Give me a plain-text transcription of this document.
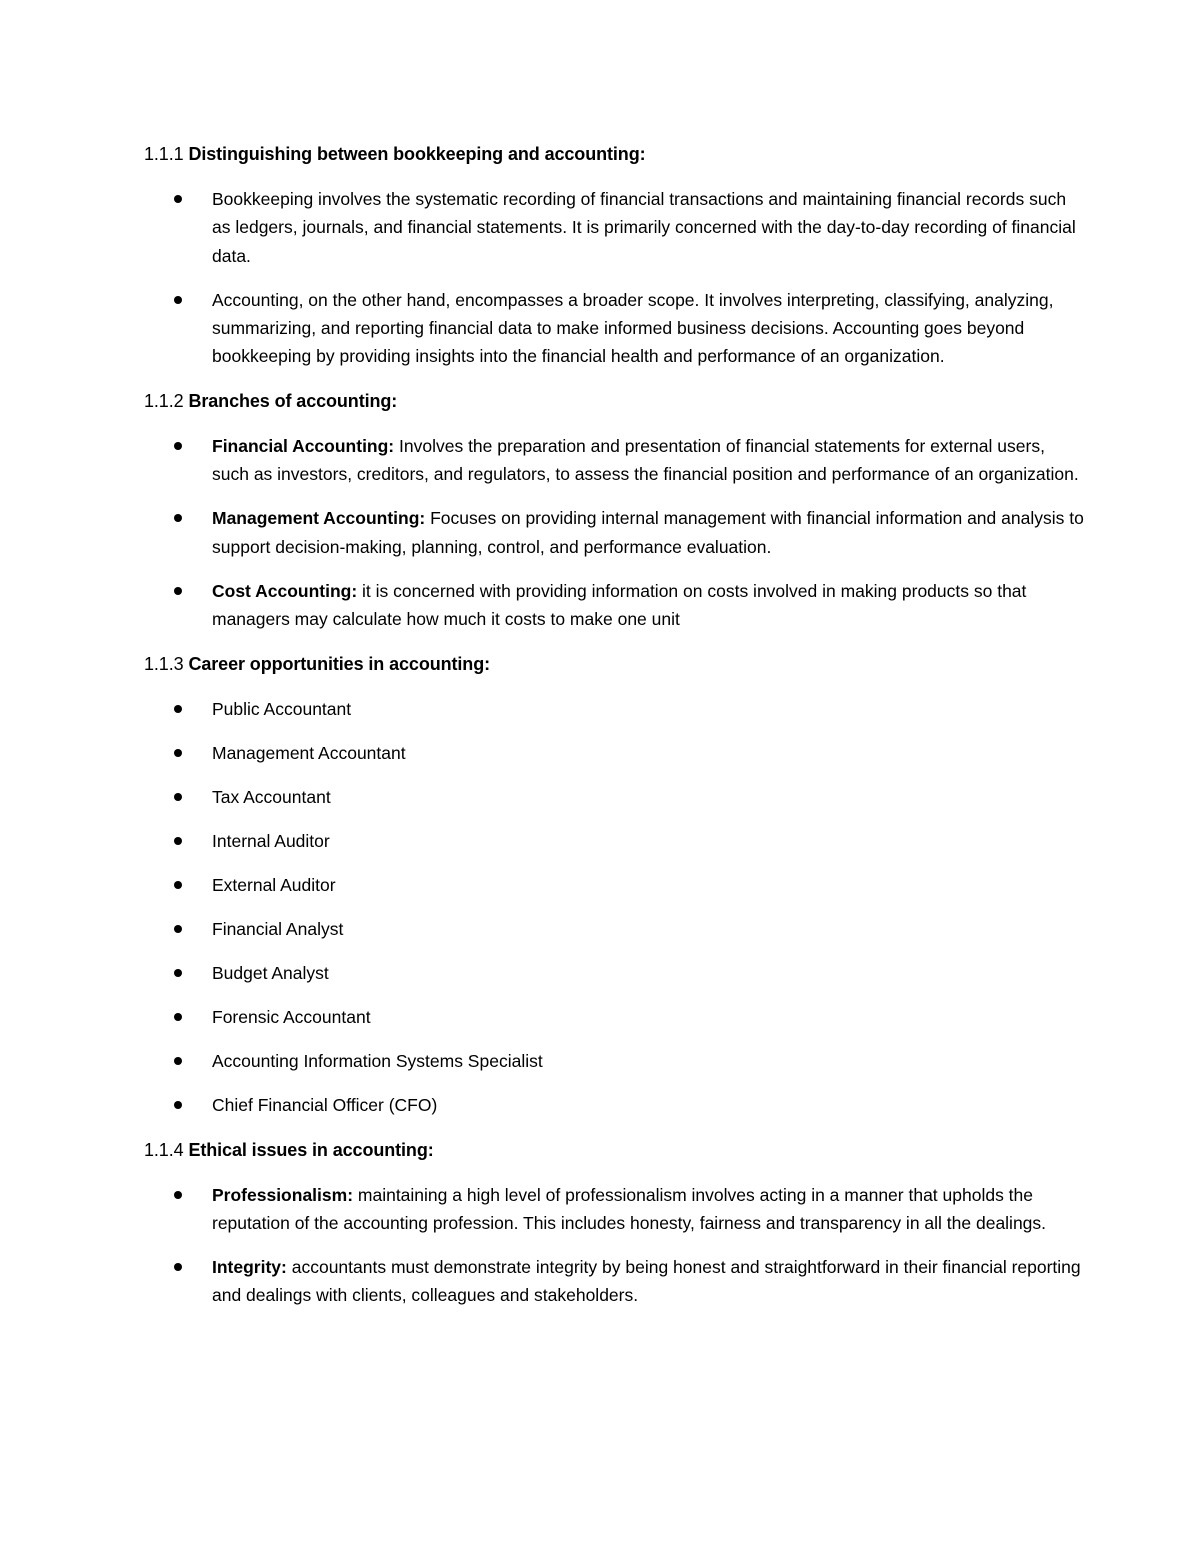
1.1.1 Distinguishing between bookkeeping and accounting:
Bookkeeping involves the systematic recording of financial transactions and maintaining financial records such as ledgers, journals, and financial statements. It is primarily concerned with the day-to-day recording of financial data.
Accounting, on the other hand, encompasses a broader scope. It involves interpreting, classifying, analyzing, summarizing, and reporting financial data to make informed business decisions. Accounting goes beyond bookkeeping by providing insights into the financial health and performance of an organization.
1.1.2 Branches of accounting:
Financial Accounting: Involves the preparation and presentation of financial statements for external users, such as investors, creditors, and regulators, to assess the financial position and performance of an organization.
Management Accounting: Focuses on providing internal management with financial information and analysis to support decision-making, planning, control, and performance evaluation.
Cost Accounting: it is concerned with providing information on costs involved in making products so that managers may calculate how much it costs to make one unit
1.1.3 Career opportunities in accounting:
Public Accountant
Management Accountant
Tax Accountant
Internal Auditor
External Auditor
Financial Analyst
Budget Analyst
Forensic Accountant
Accounting Information Systems Specialist
Chief Financial Officer (CFO)
1.1.4 Ethical issues in accounting:
Professionalism: maintaining a high level of professionalism involves acting in a manner that upholds the reputation of the accounting profession. This includes honesty, fairness and transparency in all the dealings.
Integrity: accountants must demonstrate integrity by being honest and straightforward in their financial reporting and dealings with clients, colleagues and stakeholders.
